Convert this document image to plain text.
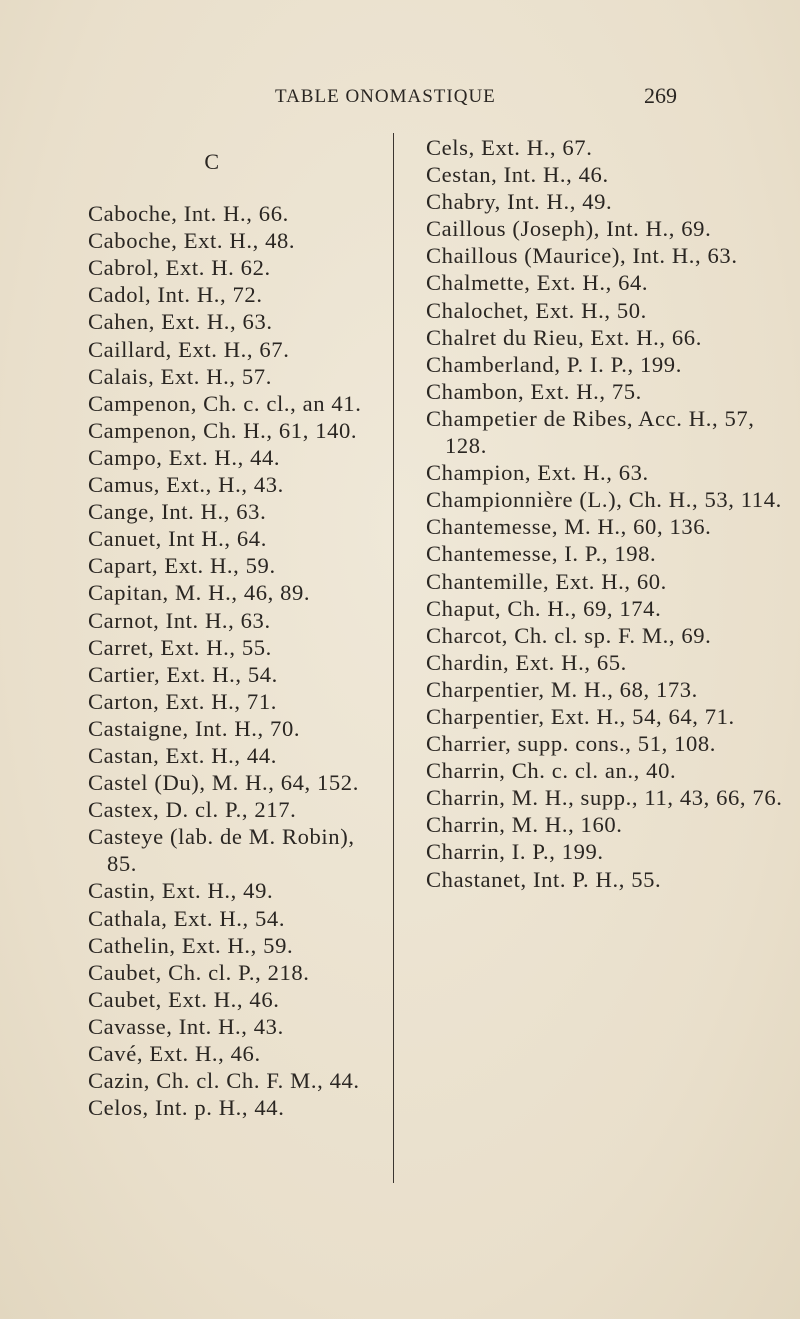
TABLE ONOMASTIQUE	269
C

Caboche, Int. H., 66.

Caboche, Ext. H., 48.

Cabrol, Ext. H. 62.

Cadol, Int. H., 72.

Cahen, Ext. H., 63.

Caillard, Ext. H., 67.

Calais, Ext. H., 57.

Campenon, Ch. c. cl., an 41.

Campenon, Ch. H., 61, 140.

Campo, Ext. H., 44.

Camus, Ext., H., 43.

Cange, Int. H., 63.

Canuet, Int H., 64.

Capart, Ext. H., 59.

Capitan, M. H., 46, 89.

Carnot, Int. H., 63.

Carret, Ext. H., 55.

Cartier, Ext. H., 54.

Carton, Ext. H., 71.

Castaigne, Int. H., 70.

Castan, Ext. H., 44.

Castel (Du), M. H., 64, 152.

Castex, D. cl. P., 217.

Casteye (lab. de M. Robin), 85.

Castin, Ext. H., 49.

Cathala, Ext. H., 54.

Cathelin, Ext. H., 59.

Caubet, Ch. cl. P., 218.

Caubet, Ext. H., 46.

Cavasse, Int. H., 43.

Cavé, Ext. H., 46.

Cazin, Ch. cl. Ch. F. M., 44.

Celos, Int. p. H., 44.

Cels, Ext. H., 67.

Cestan, Int. H., 46.

Chabry, Int. H., 49.

Caillous (Joseph), Int. H., 69.

Chaillous (Maurice), Int. H., 63.

Chalmette, Ext. H., 64.

Chalochet, Ext. H., 50.

Chalret du Rieu, Ext. H., 66.

Chamberland, P. I. P., 199.

Chambon, Ext. H., 75.

Champetier de Ribes, Acc. H., 57, 128.

Champion, Ext. H., 63.

Championnière (L.), Ch. H., 53, 114.

Chantemesse, M. H., 60, 136.

Chantemesse, I. P., 198.

Chantemille, Ext. H., 60.

Chaput, Ch. H., 69, 174.

Charcot, Ch. cl. sp. F. M., 69.

Chardin, Ext. H., 65.

Charpentier, M. H., 68, 173.

Charpentier, Ext. H., 54, 64, 71.

Charrier, supp. cons., 51, 108.

Charrin, Ch. c. cl. an., 40.

Charrin, M. H., supp., 11, 43, 66, 76.

Charrin, M. H., 160.

Charrin, I. P., 199.

Chastanet, Int. P. H., 55.
